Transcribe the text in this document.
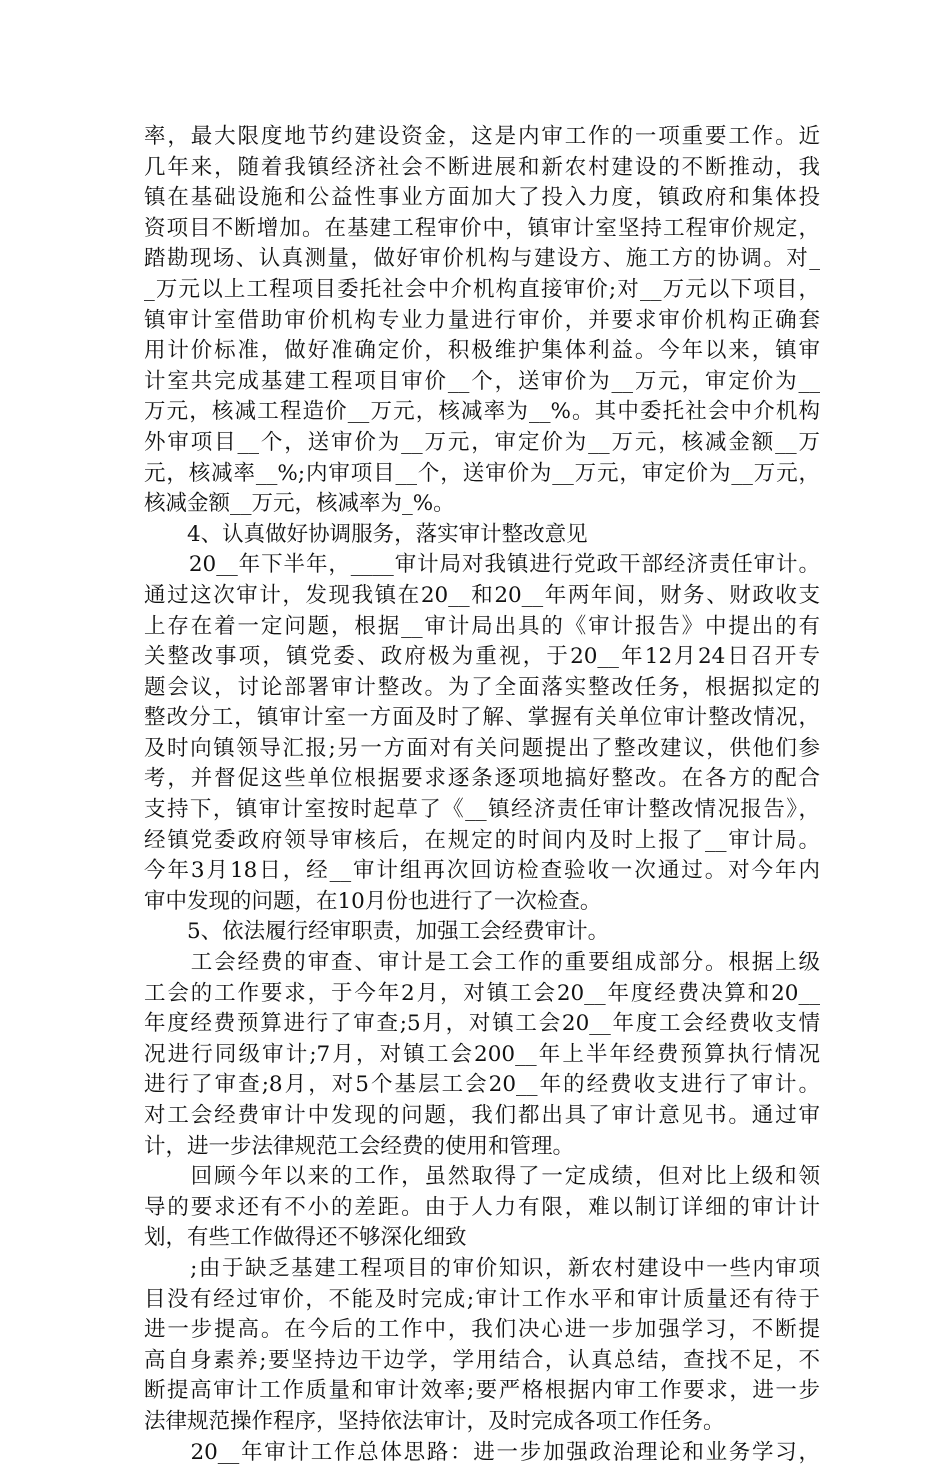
率，最大限度地节约建设资金，这是内审工作的一项重要工作。近
几年来，随着我镇经济社会不断进展和新农村建设的不断推动，我
镇在基础设施和公益性事业方面加大了投入力度，镇政府和集体投
资项目不断增加。在基建工程审价中，镇审计室坚持工程审价规定，
踏勘现场、认真测量，做好审价机构与建设方、施工方的协调。对_
_万元以上工程项目委托社会中介机构直接审价;对__万元以下项目，
镇审计室借助审价机构专业力量进行审价，并要求审价机构正确套
用计价标准，做好准确定价，积极维护集体利益。今年以来，镇审
计室共完成基建工程项目审价__个，送审价为__万元，审定价为__
万元，核减工程造价__万元，核减率为__%。其中委托社会中介机构
外审项目__个，送审价为__万元，审定价为__万元，核减金额__万
元，核减率__%;内审项目__个，送审价为__万元，审定价为__万元，
核减金额__万元，核减率为_%。
　　4、认真做好协调服务，落实审计整改意见
　　20__年下半年，____审计局对我镇进行党政干部经济责任审计。
通过这次审计，发现我镇在20__和20__年两年间，财务、财政收支
上存在着一定问题，根据__审计局出具的《审计报告》中提出的有
关整改事项，镇党委、政府极为重视，于20__年12月24日召开专
题会议，讨论部署审计整改。为了全面落实整改任务，根据拟定的
整改分工，镇审计室一方面及时了解、掌握有关单位审计整改情况，
及时向镇领导汇报;另一方面对有关问题提出了整改建议，供他们参
考，并督促这些单位根据要求逐条逐项地搞好整改。在各方的配合
支持下，镇审计室按时起草了《__镇经济责任审计整改情况报告》，
经镇党委政府领导审核后，在规定的时间内及时上报了__审计局。
今年3月18日，经__审计组再次回访检查验收一次通过。对今年内
审中发现的问题，在10月份也进行了一次检查。
　　5、依法履行经审职责，加强工会经费审计。
　　工会经费的审查、审计是工会工作的重要组成部分。根据上级
工会的工作要求，于今年2月，对镇工会20__年度经费决算和20__
年度经费预算进行了审查;5月，对镇工会20__年度工会经费收支情
况进行同级审计;7月，对镇工会200__年上半年经费预算执行情况
进行了审查;8月，对5个基层工会20__年的经费收支进行了审计。
对工会经费审计中发现的问题，我们都出具了审计意见书。通过审
计，进一步法律规范工会经费的使用和管理。
　　回顾今年以来的工作，虽然取得了一定成绩，但对比上级和领
导的要求还有不小的差距。由于人力有限，难以制订详细的审计计
划，有些工作做得还不够深化细致
　　;由于缺乏基建工程项目的审价知识，新农村建设中一些内审项
目没有经过审价，不能及时完成;审计工作水平和审计质量还有待于
进一步提高。在今后的工作中，我们决心进一步加强学习，不断提
高自身素养;要坚持边干边学，学用结合，认真总结，查找不足，不
断提高审计工作质量和审计效率;要严格根据内审工作要求，进一步
法律规范操作程序，坚持依法审计，及时完成各项工作任务。
　　20__年审计工作总体思路：进一步加强政治理论和业务学习，
